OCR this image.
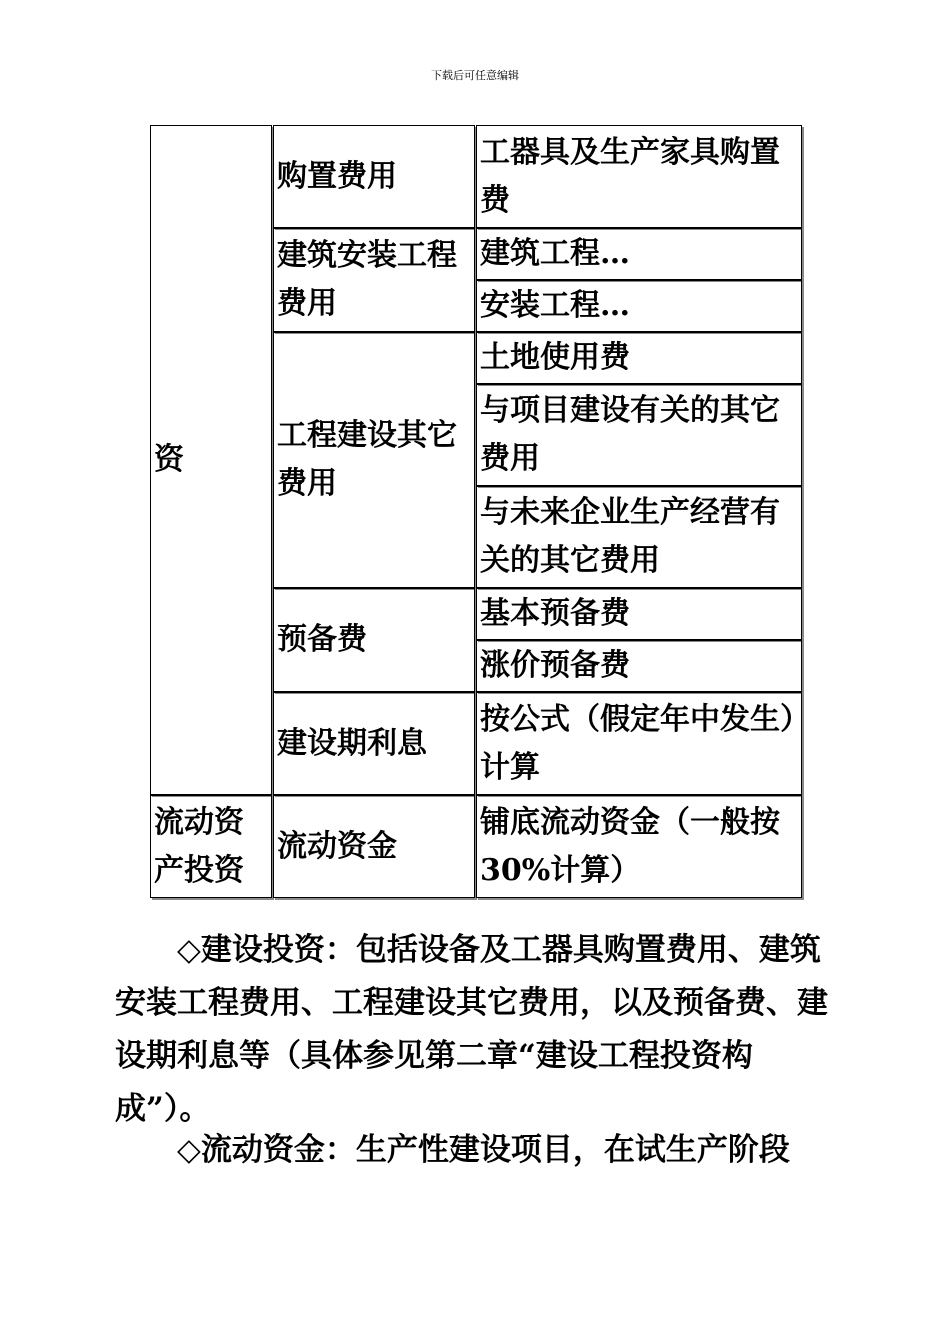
下载后可任意编辑
资
流动资产投资
购置费用
建筑安装工程费用
工程建设其它费用
预备费
建设期利息
流动资金
工器具及生产家具购置费
建筑工程…
安装工程…
土地使用费
与项目建设有关的其它费用
与未来企业生产经营有关的其它费用
基本预备费
涨价预备费
按公式（假定年中发生）计算
铺底流动资金（一般按30%计算）
◇建设投资：包括设备及工器具购置费用、建筑安装工程费用、工程建设其它费用，以及预备费、建设期利息等（具体参见第二章“建设工程投资构成”）。
◇流动资金：生产性建设项目，在试生产阶段
